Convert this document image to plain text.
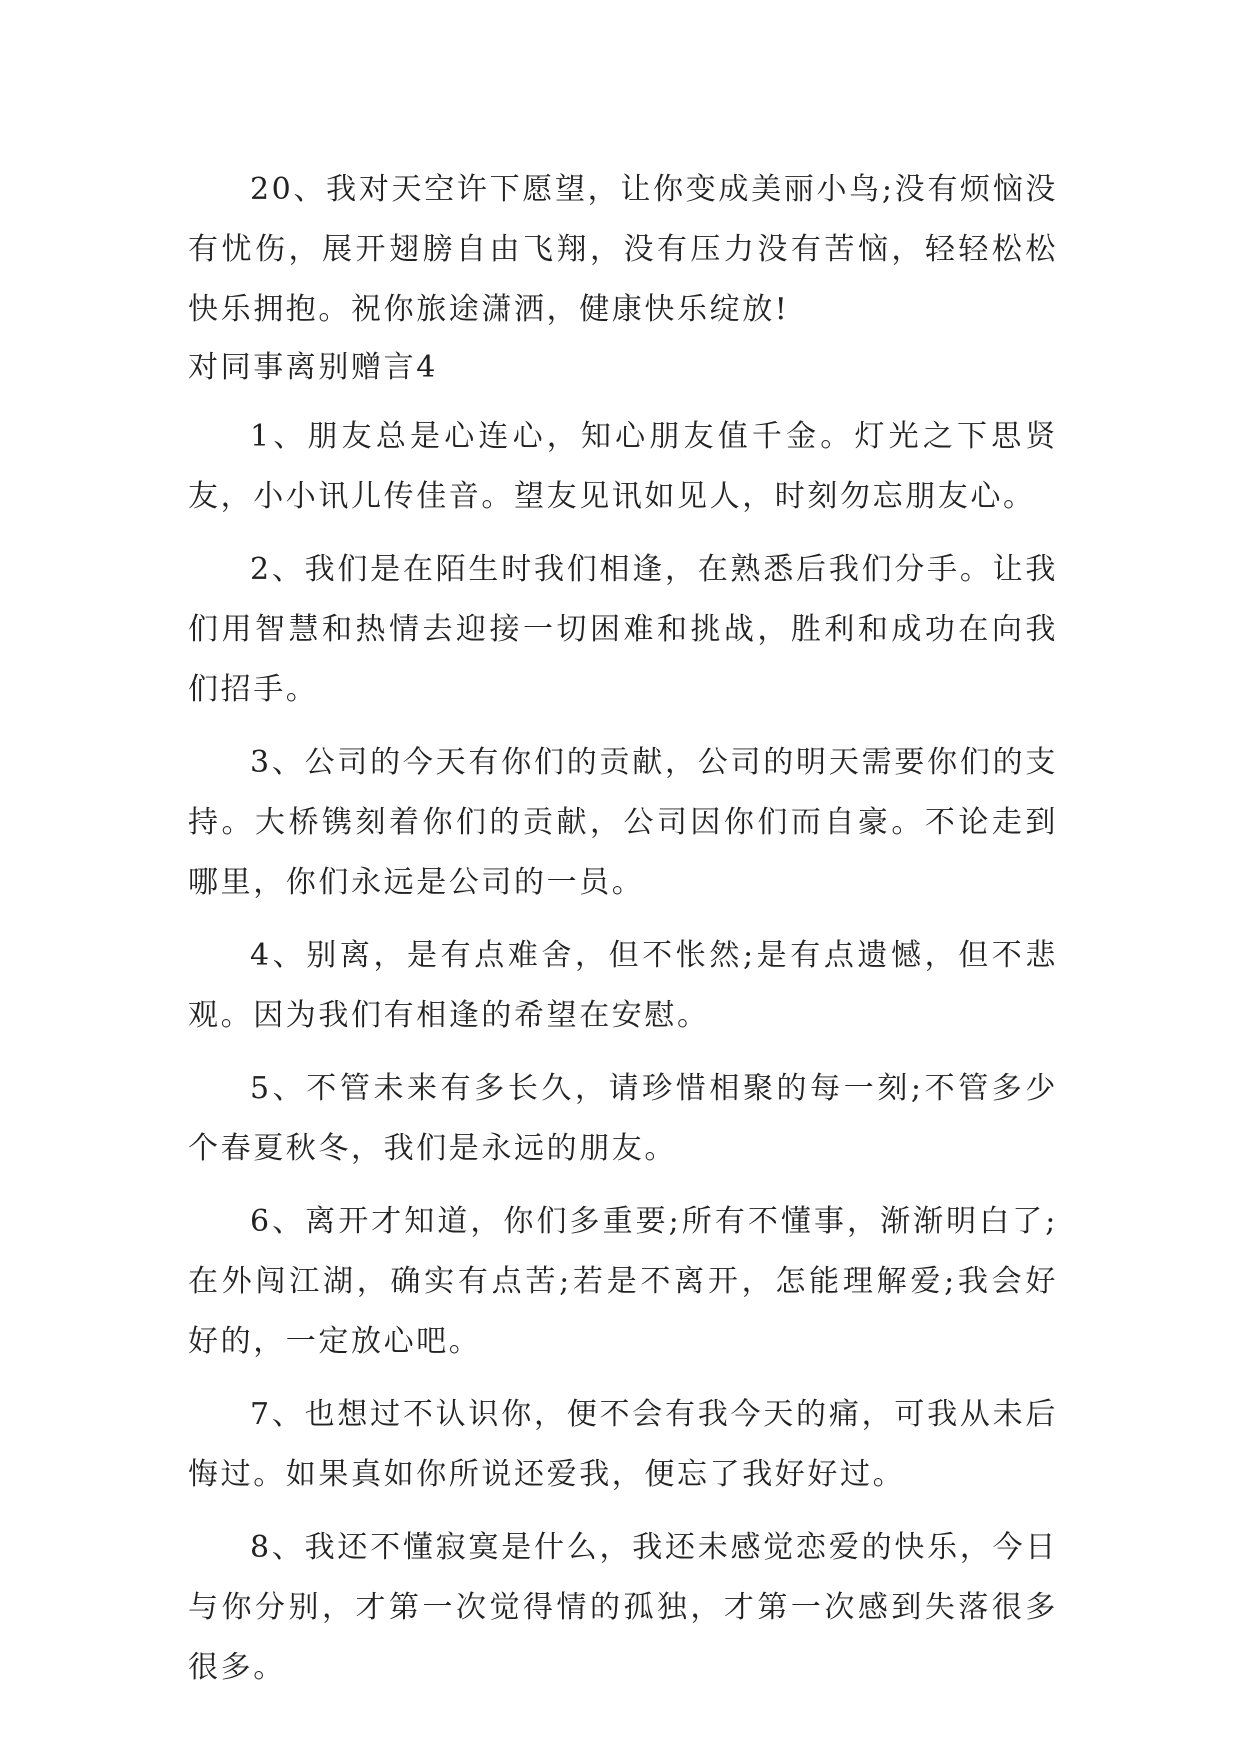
20、我对天空许下愿望，让你变成美丽小鸟;没有烦恼没有忧伤，展开翅膀自由飞翔，没有压力没有苦恼，轻轻松松快乐拥抱。祝你旅途潇洒，健康快乐绽放!

对同事离别赠言4

1、朋友总是心连心，知心朋友值千金。灯光之下思贤友，小小讯儿传佳音。望友见讯如见人，时刻勿忘朋友心。

2、我们是在陌生时我们相逢，在熟悉后我们分手。让我们用智慧和热情去迎接一切困难和挑战，胜利和成功在向我们招手。

3、公司的今天有你们的贡献，公司的明天需要你们的支持。大桥镌刻着你们的贡献，公司因你们而自豪。不论走到哪里，你们永远是公司的一员。

4、别离，是有点难舍，但不怅然;是有点遗憾，但不悲观。因为我们有相逢的希望在安慰。

5、不管未来有多长久，请珍惜相聚的每一刻;不管多少个春夏秋冬，我们是永远的朋友。

6、离开才知道，你们多重要;所有不懂事，渐渐明白了;在外闯江湖，确实有点苦;若是不离开，怎能理解爱;我会好好的，一定放心吧。

7、也想过不认识你，便不会有我今天的痛，可我从未后悔过。如果真如你所说还爱我，便忘了我好好过。

8、我还不懂寂寞是什么，我还未感觉恋爱的快乐，今日与你分别，才第一次觉得情的孤独，才第一次感到失落很多很多。
